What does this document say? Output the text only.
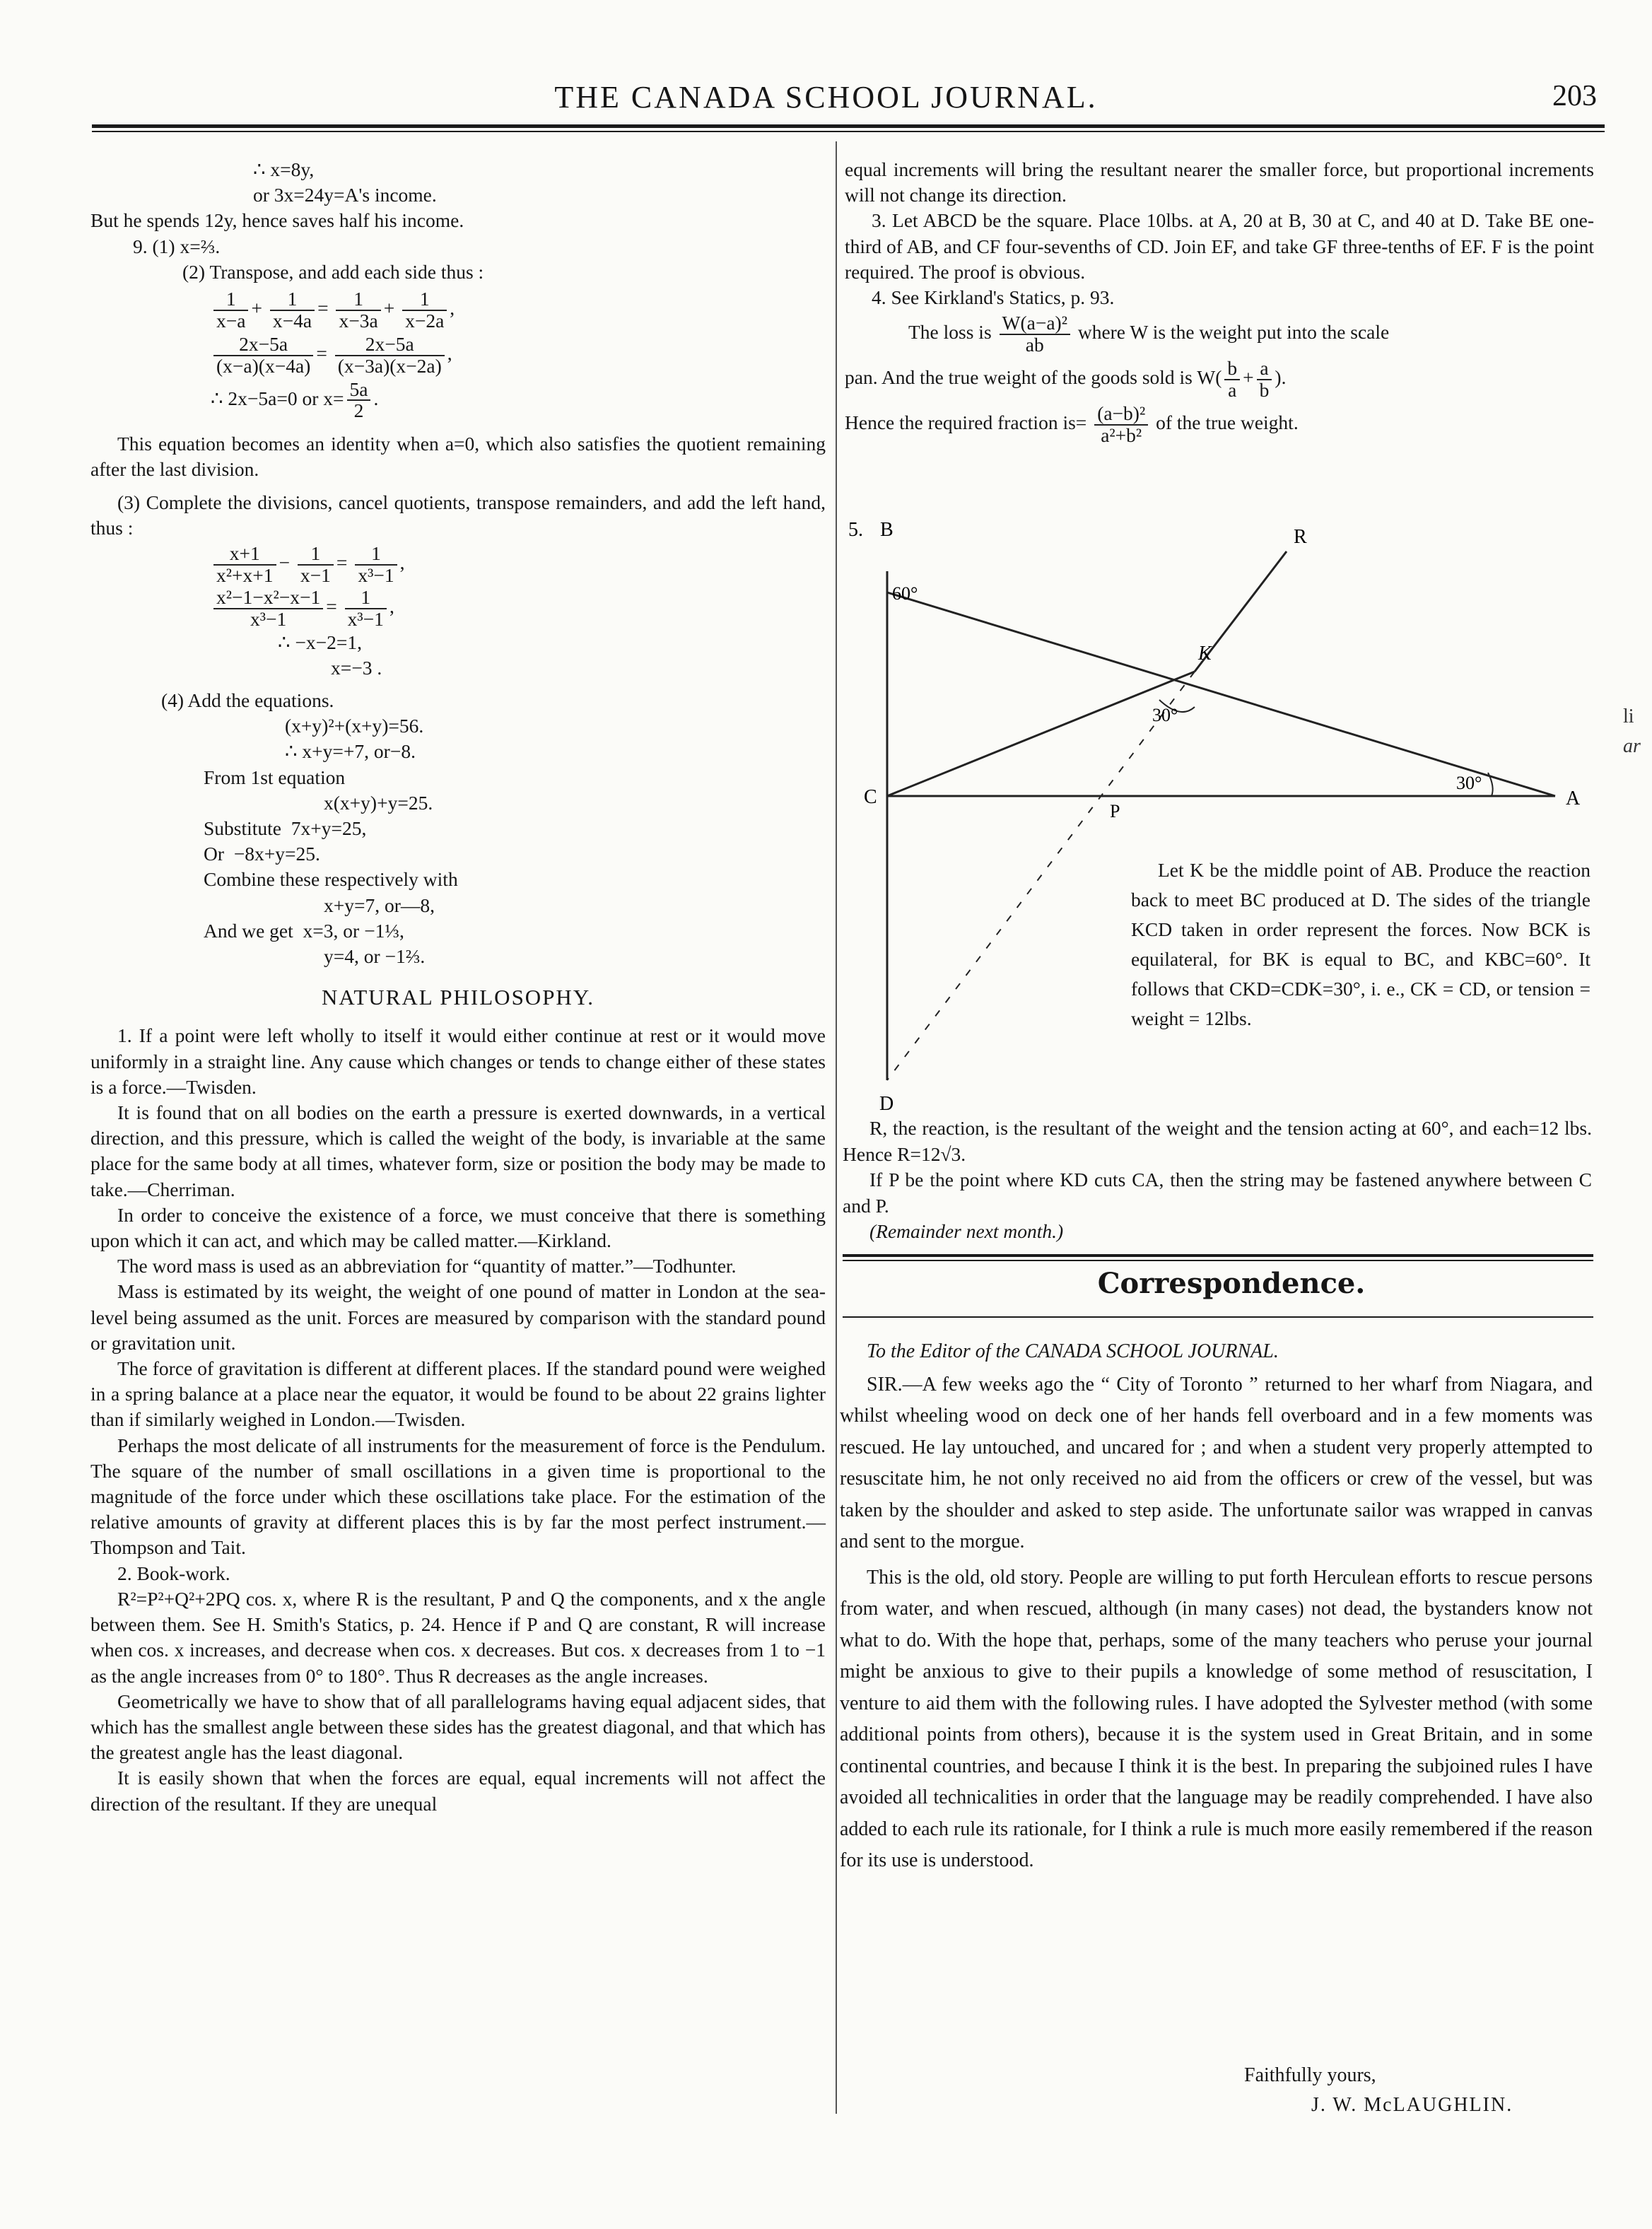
THE CANADA SCHOOL JOURNAL.	203

∴ x=8y,

or 3x=24y=A's income.

But he spends 12y, hence saves half his income.

9. (1) x=⅔.

(2) Transpose, and add each side thus :

$\frac{1}{x-a} + \frac{1}{x-4a} = \frac{1}{x-3a} + \frac{1}{x-2a}$ ,

$\frac{2x-5a}{(x-a)(x-4a)} = \frac{2x-5a}{(x-3a)(x-2a)}$ ,

∴ 2x−5a=0 or $x= \frac{5a}{2}$ .

This equation becomes an identity when a=0, which also satisfies the quotient remaining after the last division.

(3) Complete the divisions, cancel quotients, transpose remainders, and add the left hand, thus :

$\frac{x+1}{\text{x²+x+1}} - \frac{1}{x-1} = \frac{1}{\text{x³−1}}$ ,

$\frac{\text{x²−1−x²−x−1}}{\text{x³−1}} = \frac{1}{\text{x³−1}}$ ,

∴ −x−2=1,

x=−3 .

(4) Add the equations.

(x+y)²+(x+y)=56.

∴ x+y=+7, or−8.

From 1st equation

x(x+y)+y=25.

Substitute  7x+y=25,

Or  −8x+y=25.

Combine these respectively with

x+y=7, or—8,

And we get  x=3, or −1⅓,

y=4, or −1⅔.

NATURAL PHILOSOPHY.

1. If a point were left wholly to itself it would either continue at rest or it would move uniformly in a straight line. Any cause which changes or tends to change either of these states is a force.—Twisden.

It is found that on all bodies on the earth a pressure is exerted downwards, in a vertical direction, and this pressure, which is called the weight of the body, is invariable at the same place for the same body at all times, whatever form, size or position the body may be made to take.—Cherriman.

In order to conceive the existence of a force, we must conceive that there is something upon which it can act, and which may be called matter.—Kirkland.

The word mass is used as an abbreviation for “quantity of matter.”—Todhunter.

Mass is estimated by its weight, the weight of one pound of matter in London at the sea-level being assumed as the unit. Forces are measured by comparison with the standard pound or gravitation unit.

The force of gravitation is different at different places. If the standard pound were weighed in a spring balance at a place near the equator, it would be found to be about 22 grains lighter than if similarly weighed in London.—Twisden.

Perhaps the most delicate of all instruments for the measurement of force is the Pendulum. The square of the number of small oscillations in a given time is proportional to the magnitude of the force under which these oscillations take place. For the estimation of the relative amounts of gravity at different places this is by far the most perfect instrument.—Thompson and Tait.

2. Book-work.

R²=P²+Q²+2PQ cos. x, where R is the resultant, P and Q the components, and x the angle between them. See H. Smith's Statics, p. 24. Hence if P and Q are constant, R will increase when cos. x increases, and decrease when cos. x decreases. But cos. x decreases from 1 to −1 as the angle increases from 0° to 180°. Thus R decreases as the angle increases.

Geometrically we have to show that of all parallelograms having equal adjacent sides, that which has the smallest angle between these sides has the greatest diagonal, and that which has the greatest angle has the least diagonal.

It is easily shown that when the forces are equal, equal increments will not affect the direction of the resultant. If they are unequal

equal increments will bring the resultant nearer the smaller force, but proportional increments will not change its direction.

3. Let ABCD be the square. Place 10lbs. at A, 20 at B, 30 at C, and 40 at D. Take BE one-third of AB, and CF four-sevenths of CD. Join EF, and take GF three-tenths of EF. F is the point required. The proof is obvious.

4. See Kirkland's Statics, p. 93.

The loss is $\frac{\text{W(a−a)²}}{ab}$ where W is the weight put into the scale

pan. And the true weight of the goods sold is $W( \frac{b}{a} + \frac{a}{b}$ ).

Hence the required fraction $is= \frac{\text{(a−b)²}}{\text{a²+b²}}$ of the true weight.

5. B	R
60°
K
30°
C
30°
A
P
D

Let K be the middle point of AB. Produce the reaction back to meet BC produced at D. The sides of the triangle KCD taken in order represent the forces. Now BCK is equilateral, for BK is equal to BC, and KBC=60°. It follows that CKD=CDK=30°, i. e., CK = CD, or tension = weight = 12lbs.

R, the reaction, is the resultant of the weight and the tension acting at 60°, and each=12 lbs. Hence R=12√3.

If P be the point where KD cuts CA, then the string may be fastened anywhere between C and P.

(Remainder next month.)

Correspondence.

To the Editor of the CANADA SCHOOL JOURNAL.

SIR.—A few weeks ago the “ City of Toronto ” returned to her wharf from Niagara, and whilst wheeling wood on deck one of her hands fell overboard and in a few moments was rescued. He lay untouched, and uncared for ; and when a student very properly attempted to resuscitate him, he not only received no aid from the officers or crew of the vessel, but was taken by the shoulder and asked to step aside. The unfortunate sailor was wrapped in canvas and sent to the morgue.

This is the old, old story. People are willing to put forth Herculean efforts to rescue persons from water, and when rescued, although (in many cases) not dead, the bystanders know not what to do. With the hope that, perhaps, some of the many teachers who peruse your journal might be anxious to give to their pupils a knowledge of some method of resuscitation, I venture to aid them with the following rules. I have adopted the Sylvester method (with some additional points from others), because it is the system used in Great Britain, and in some continental countries, and because I think it is the best. In preparing the subjoined rules I have avoided all technicalities in order that the language may be readily comprehended. I have also added to each rule its rationale, for I think a rule is much more easily remembered if the reason for its use is understood.

Faithfully yours,
J. W. McLAUGHLIN.
li
ar
